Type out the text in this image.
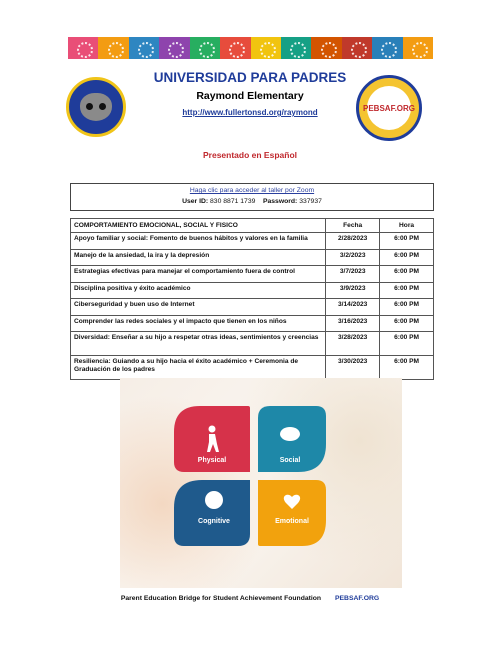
PEBSAF.ORG
UNIVERSIDAD PARA PADRES
Raymond Elementary
http://www.fullertonsd.org/raymond
Presentado en Español
Haga clic para acceder al taller por Zoom
User ID: 830 8871 1739 Password: 337937
COMPORTAMIENTO EMOCIONAL, SOCIAL Y FISICO	Fecha	Hora
Apoyo familiar y social: Fomento de buenos hábitos y valores en la familia	2/28/2023	6:00 PM
Manejo de la ansiedad, la ira y la depresión	3/2/2023	6:00 PM
Estrategias efectivas para manejar el comportamiento fuera de control	3/7/2023	6:00 PM
Disciplina positiva y éxito académico	3/9/2023	6:00 PM
Ciberseguridad y buen uso de Internet	3/14/2023	6:00 PM
Comprender las redes sociales y el impacto que tienen en los niños	3/16/2023	6:00 PM
Diversidad: Enseñar a su hijo a respetar otras ideas, sentimientos y creencias	3/28/2023	6:00 PM
Resiliencia: Guiando a su hijo hacia el éxito académico + Ceremonia de Graduación de los padres	3/30/2023	6:00 PM
Physical	Social
Cognitive	Emotional
Parent Education Bridge for Student Achievement Foundation PEBSAF.ORG
